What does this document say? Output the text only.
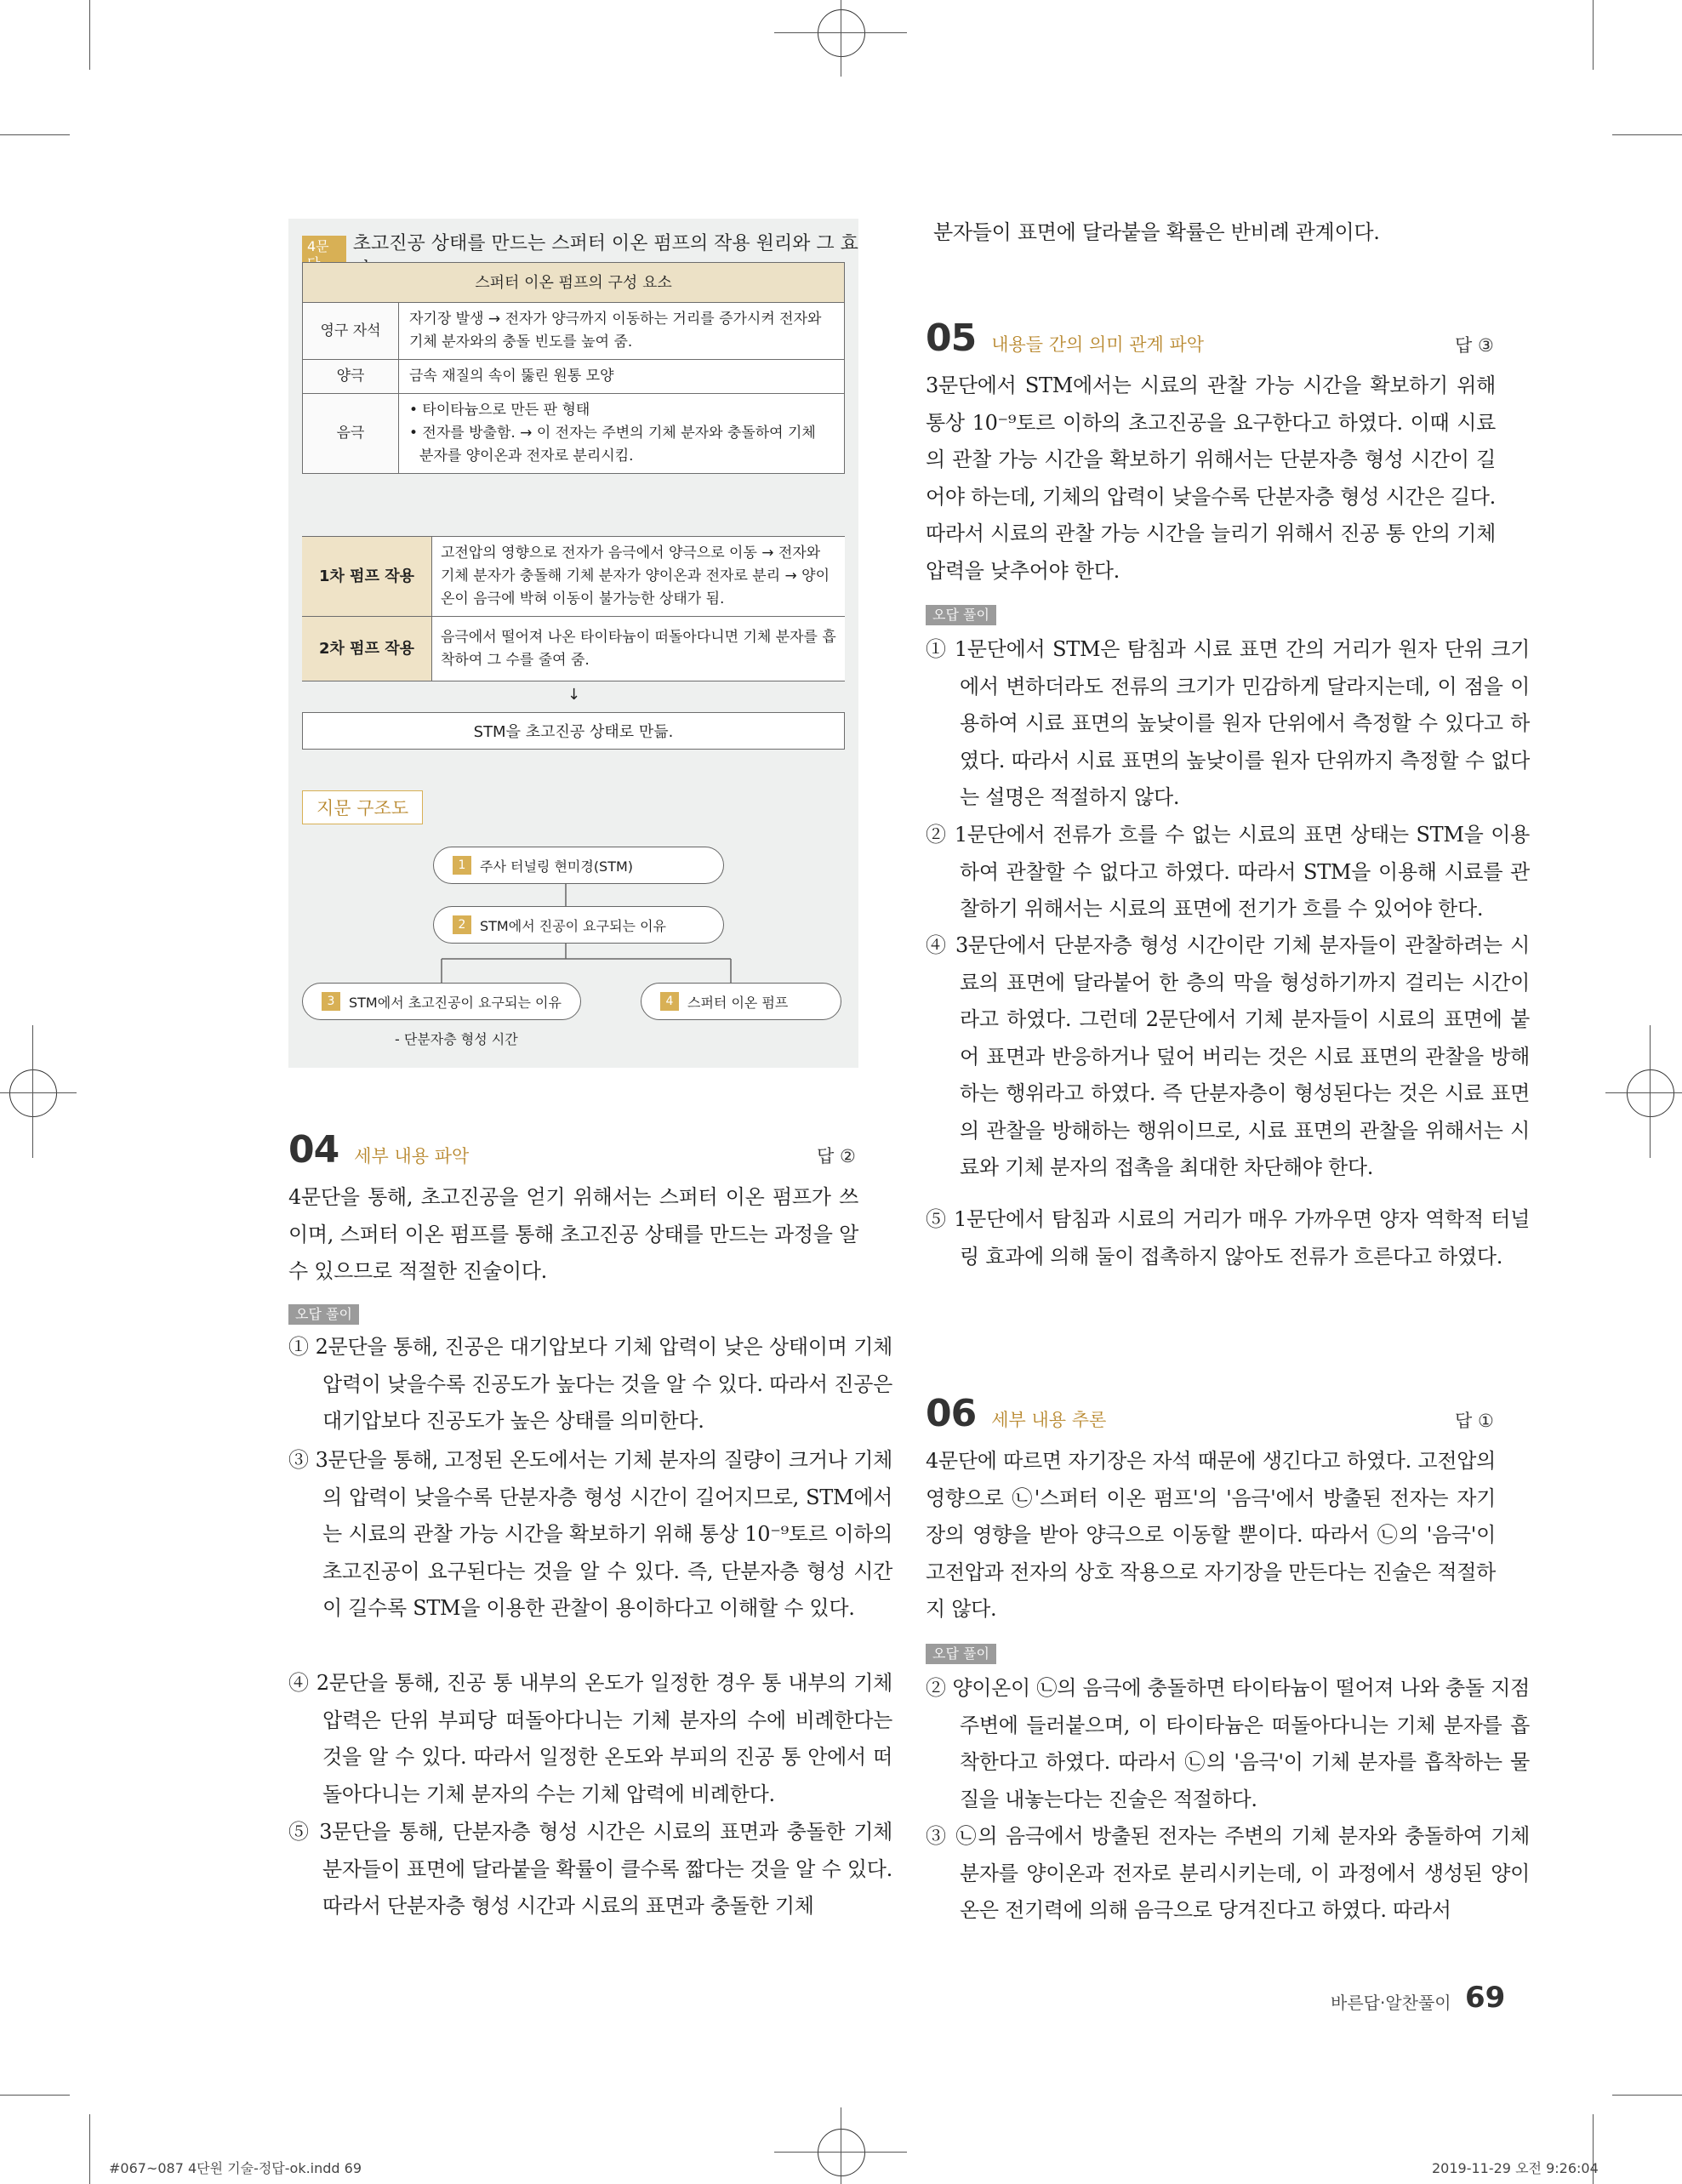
4문	초고진공 상태를 만드는 스퍼터 이온 펌프의 작용 원리와 그 효
스퍼터 이온 펌프의 구성 요소	
영구 자석	자기장 발생 → 전자가 양극까지 이동하는 거리를 증가시켜 전자와 기체 분자와의 충돌 빈도를 높여 줌.
양극	금속 재질의 속이 뚫린 원통 모양
음극	• 타이타늄으로 만든 판 형태
• 전자를 방출함. → 이 전자는 주변의 기체 분자와 충돌하여 기체 분자를 양이온과 전자로 분리시킴.
1차 펌프 작용	고전압의 영향으로 전자가 음극에서 양극으로 이동 → 전자와 기체 분자가 충돌해 기체 분자가 양이온과 전자로 분리 → 양이온이 음극에 박혀 이동이 불가능한 상태가 됨.
2차 펌프 작용	음극에서 떨어져 나온 타이타늄이 떠돌아다니면 기체 분자를 흡착하여 그 수를 줄여 줌.
↓
STM을 초고진공 상태로 만듦.
지문 구조도
1	주사 터널링 현미경(STM)
2	STM에서 진공이 요구되는 이유
3	STM에서 초고진공이 요구되는 이유	4	스퍼터 이온 펌프
- 단분자층 형성 시간
04 세부 내용 파악	답 ②
4문단을 통해, 초고진공을 얻기 위해서는 스퍼터 이온 펌프가 쓰이며, 스퍼터 이온 펌프를 통해 초고진공 상태를 만드는 과정을 알 수 있으므로 적절한 진술이다.
오답 풀이
① 2문단을 통해, 진공은 대기압보다 기체 압력이 낮은 상태이며 기체 압력이 낮을수록 진공도가 높다는 것을 알 수 있다. 따라서 진공은 대기압보다 진공도가 높은 상태를 의미한다.
③ 3문단을 통해, 고정된 온도에서는 기체 분자의 질량이 크거나 기체의 압력이 낮을수록 단분자층 형성 시간이 길어지므로, STM에서는 시료의 관찰 가능 시간을 확보하기 위해 통상 10⁻⁹토르 이하의 초고진공이 요구된다는 것을 알 수 있다. 즉, 단분자층 형성 시간이 길수록 STM을 이용한 관찰이 용이하다고 이해할 수 있다.
④ 2문단을 통해, 진공 통 내부의 온도가 일정한 경우 통 내부의 기체 압력은 단위 부피당 떠돌아다니는 기체 분자의 수에 비례한다는 것을 알 수 있다. 따라서 일정한 온도와 부피의 진공 통 안에서 떠돌아다니는 기체 분자의 수는 기체 압력에 비례한다.
⑤ 3문단을 통해, 단분자층 형성 시간은 시료의 표면과 충돌한 기체 분자들이 표면에 달라붙을 확률이 클수록 짧다는 것을 알 수 있다. 따라서 단분자층 형성 시간과 시료의 표면과 충돌한 기체
분자들이 표면에 달라붙을 확률은 반비례 관계이다.
05 내용들 간의 의미 관계 파악	답 ③
3문단에서 STM에서는 시료의 관찰 가능 시간을 확보하기 위해 통상 10⁻⁹토르 이하의 초고진공을 요구한다고 하였다. 이때 시료의 관찰 가능 시간을 확보하기 위해서는 단분자층 형성 시간이 길어야 하는데, 기체의 압력이 낮을수록 단분자층 형성 시간은 길다. 따라서 시료의 관찰 가능 시간을 늘리기 위해서 진공 통 안의 기체 압력을 낮추어야 한다.
오답 풀이
① 1문단에서 STM은 탐침과 시료 표면 간의 거리가 원자 단위 크기에서 변하더라도 전류의 크기가 민감하게 달라지는데, 이 점을 이용하여 시료 표면의 높낮이를 원자 단위에서 측정할 수 있다고 하였다. 따라서 시료 표면의 높낮이를 원자 단위까지 측정할 수 없다는 설명은 적절하지 않다.
② 1문단에서 전류가 흐를 수 없는 시료의 표면 상태는 STM을 이용하여 관찰할 수 없다고 하였다. 따라서 STM을 이용해 시료를 관찰하기 위해서는 시료의 표면에 전기가 흐를 수 있어야 한다.
④ 3문단에서 단분자층 형성 시간이란 기체 분자들이 관찰하려는 시료의 표면에 달라붙어 한 층의 막을 형성하기까지 걸리는 시간이라고 하였다. 그런데 2문단에서 기체 분자들이 시료의 표면에 붙어 표면과 반응하거나 덮어 버리는 것은 시료 표면의 관찰을 방해하는 행위라고 하였다. 즉 단분자층이 형성된다는 것은 시료 표면의 관찰을 방해하는 행위이므로, 시료 표면의 관찰을 위해서는 시료와 기체 분자의 접촉을 최대한 차단해야 한다.
⑤ 1문단에서 탐침과 시료의 거리가 매우 가까우면 양자 역학적 터널링 효과에 의해 둘이 접촉하지 않아도 전류가 흐른다고 하였다.
06 세부 내용 추론	답 ①
4문단에 따르면 자기장은 자석 때문에 생긴다고 하였다. 고전압의 영향으로 ㉡'스퍼터 이온 펌프'의 '음극'에서 방출된 전자는 자기장의 영향을 받아 양극으로 이동할 뿐이다. 따라서 ㉡의 '음극'이 고전압과 전자의 상호 작용으로 자기장을 만든다는 진술은 적절하지 않다.
오답 풀이
② 양이온이 ㉡의 음극에 충돌하면 타이타늄이 떨어져 나와 충돌 지점 주변에 들러붙으며, 이 타이타늄은 떠돌아다니는 기체 분자를 흡착한다고 하였다. 따라서 ㉡의 '음극'이 기체 분자를 흡착하는 물질을 내놓는다는 진술은 적절하다.
③ ㉡의 음극에서 방출된 전자는 주변의 기체 분자와 충돌하여 기체 분자를 양이온과 전자로 분리시키는데, 이 과정에서 생성된 양이온은 전기력에 의해 음극으로 당겨진다고 하였다. 따라서
바른답·알찬풀이 69
#067~087 4단원 기술-정답-ok.indd 69	2019-11-29 오전 9:26:04
